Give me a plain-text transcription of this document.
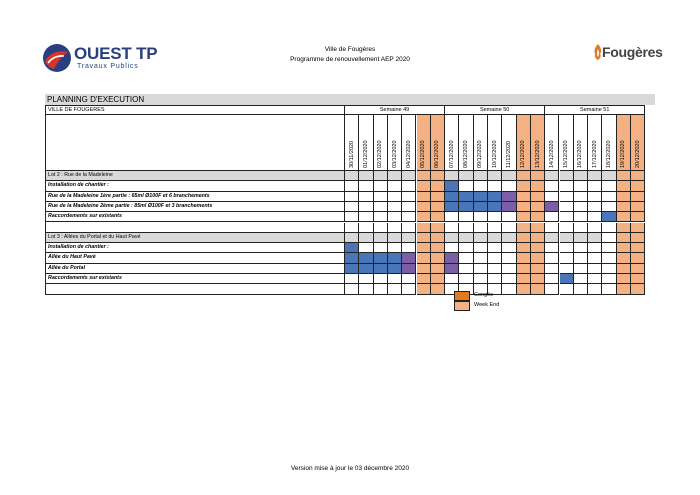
OUEST TP
Travaux Publics
Ville de Fougères
Programme de renouvellement AEP 2020	Fougères
PLANNING D'EXECUTION
VILLE DE FOUGERES	Semaine 49	Semaine 50	Semaine 51
30/11/2020 01/12/2020 02/12/2020 03/12/2020 04/12/2020 05/12/2020 06/12/2020 07/12/2020 08/12/2020 09/12/2020 10/12/2020 11/12/2020 12/12/2020 13/12/2020 14/12/2020 15/12/2020 16/12/2020 17/12/2020 18/12/2020 19/12/2020 20/12/2020
Lot 2 : Rue de la Madeleine
Installation de chantier :
Rue de la Madeleine 1ère partie : 65ml Ø100F et 6 branchements
Rue de la Madeleine 2ème partie : 85ml Ø100F et 3 branchements
Raccordements sur existants
Lot 3 : Allées du Portal et du Haut Pavé
Installation de chantier :
Allée du Haut Pavé
Allée du Portal
Raccordements sur existants
Congés
Week End
Version mise à jour le 03 décembre 2020
